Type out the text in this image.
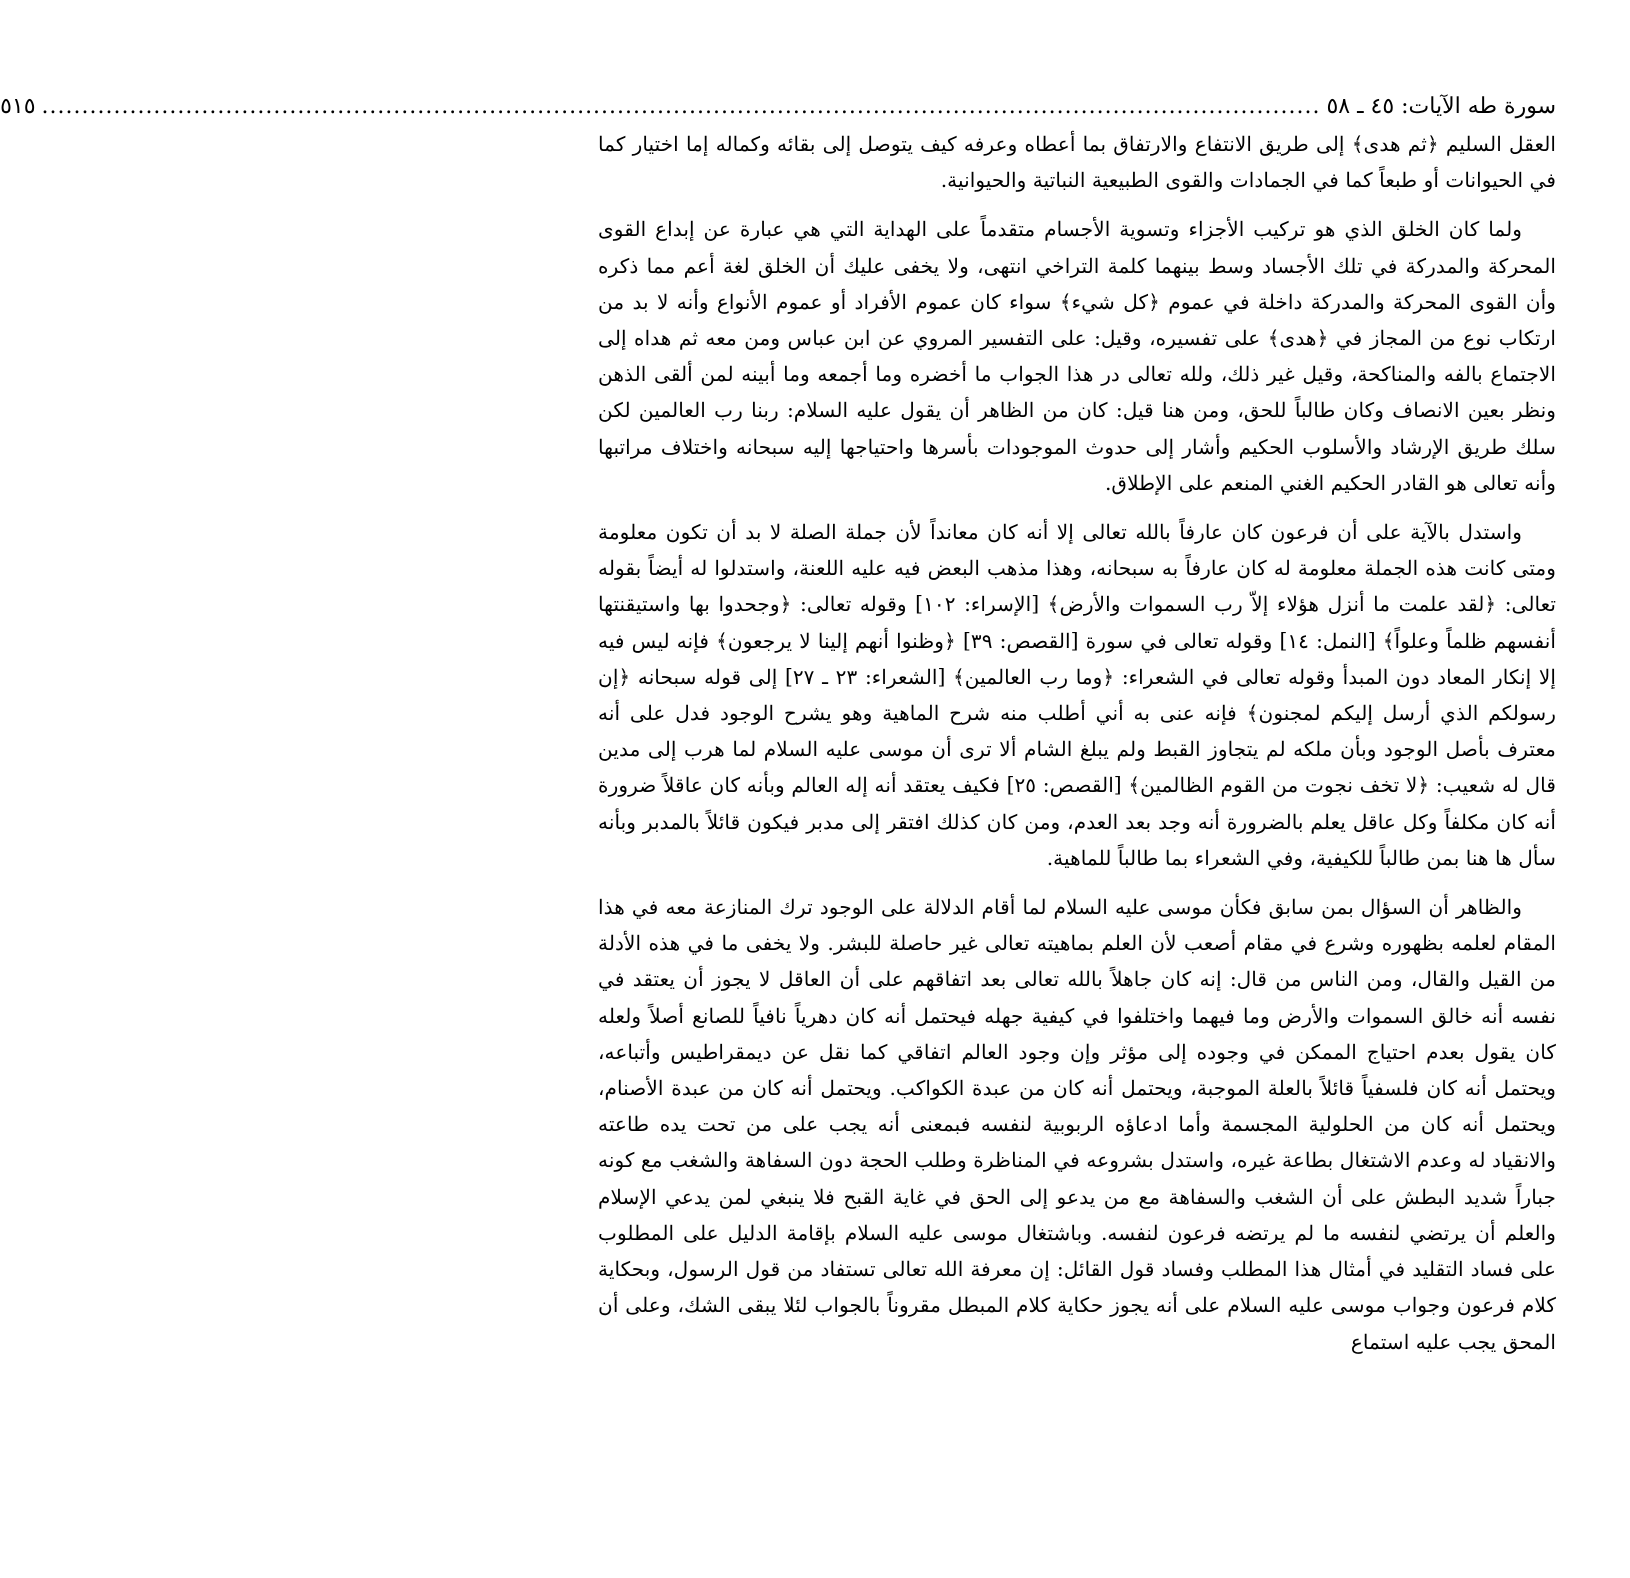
سورة طه الآيات: ٤٥ ـ ٥٨
................................................................................................................................................................
٥١٥

العقل السليم ﴿ثم هدى﴾ إلى طريق الانتفاع والارتفاق بما أعطاه وعرفه كيف يتوصل إلى بقائه وكماله إما اختيار كما في الحيوانات أو طبعاً كما في الجمادات والقوى الطبيعية النباتية والحيوانية.

ولما كان الخلق الذي هو تركيب الأجزاء وتسوية الأجسام متقدماً على الهداية التي هي عبارة عن إبداع القوى المحركة والمدركة في تلك الأجساد وسط بينهما كلمة التراخي انتهى، ولا يخفى عليك أن الخلق لغة أعم مما ذكره وأن القوى المحركة والمدركة داخلة في عموم ﴿كل شيء﴾ سواء كان عموم الأفراد أو عموم الأنواع وأنه لا بد من ارتكاب نوع من المجاز في ﴿هدى﴾ على تفسيره، وقيل: على التفسير المروي عن ابن عباس ومن معه ثم هداه إلى الاجتماع بالفه والمناكحة، وقيل غير ذلك، ولله تعالى در هذا الجواب ما أخضره وما أجمعه وما أبينه لمن ألقى الذهن ونظر بعين الانصاف وكان طالباً للحق، ومن هنا قيل: كان من الظاهر أن يقول عليه السلام: ربنا رب العالمين لكن سلك طريق الإرشاد والأسلوب الحكيم وأشار إلى حدوث الموجودات بأسرها واحتياجها إليه سبحانه واختلاف مراتبها وأنه تعالى هو القادر الحكيم الغني المنعم على الإطلاق.

واستدل بالآية على أن فرعون كان عارفاً بالله تعالى إلا أنه كان معانداً لأن جملة الصلة لا بد أن تكون معلومة ومتى كانت هذه الجملة معلومة له كان عارفاً به سبحانه، وهذا مذهب البعض فيه عليه اللعنة، واستدلوا له أيضاً بقوله تعالى: ﴿لقد علمت ما أنزل هؤلاء إلاّ رب السموات والأرض﴾ [الإسراء: ١٠٢] وقوله تعالى: ﴿وجحدوا بها واستيقنتها أنفسهم ظلماً وعلواً﴾ [النمل: ١٤] وقوله تعالى في سورة [القصص: ٣٩] ﴿وظنوا أنهم إلينا لا يرجعون﴾ فإنه ليس فيه إلا إنكار المعاد دون المبدأ وقوله تعالى في الشعراء: ﴿وما رب العالمين﴾ [الشعراء: ٢٣ ـ ٢٧] إلى قوله سبحانه ﴿إن رسولكم الذي أرسل إليكم لمجنون﴾ فإنه عنى به أني أطلب منه شرح الماهية وهو يشرح الوجود فدل على أنه معترف بأصل الوجود وبأن ملكه لم يتجاوز القبط ولم يبلغ الشام ألا ترى أن موسى عليه السلام لما هرب إلى مدين قال له شعيب: ﴿لا تخف نجوت من القوم الظالمين﴾ [القصص: ٢٥] فكيف يعتقد أنه إله العالم وبأنه كان عاقلاً ضرورة أنه كان مكلفاً وكل عاقل يعلم بالضرورة أنه وجد بعد العدم، ومن كان كذلك افتقر إلى مدبر فيكون قائلاً بالمدبر وبأنه سأل ها هنا بمن طالباً للكيفية، وفي الشعراء بما طالباً للماهية.

والظاهر أن السؤال بمن سابق فكأن موسى عليه السلام لما أقام الدلالة على الوجود ترك المنازعة معه في هذا المقام لعلمه بظهوره وشرع في مقام أصعب لأن العلم بماهيته تعالى غير حاصلة للبشر. ولا يخفى ما في هذه الأدلة من القيل والقال، ومن الناس من قال: إنه كان جاهلاً بالله تعالى بعد اتفاقهم على أن العاقل لا يجوز أن يعتقد في نفسه أنه خالق السموات والأرض وما فيهما واختلفوا في كيفية جهله فيحتمل أنه كان دهرياً نافياً للصانع أصلاً ولعله كان يقول بعدم احتياج الممكن في وجوده إلى مؤثر وإن وجود العالم اتفاقي كما نقل عن ديمقراطيس وأتباعه، ويحتمل أنه كان فلسفياً قائلاً بالعلة الموجبة، ويحتمل أنه كان من عبدة الكواكب. ويحتمل أنه كان من عبدة الأصنام، ويحتمل أنه كان من الحلولية المجسمة وأما ادعاؤه الربوبية لنفسه فبمعنى أنه يجب على من تحت يده طاعته والانقياد له وعدم الاشتغال بطاعة غيره، واستدل بشروعه في المناظرة وطلب الحجة دون السفاهة والشغب مع كونه جباراً شديد البطش على أن الشغب والسفاهة مع من يدعو إلى الحق في غاية القبح فلا ينبغي لمن يدعي الإسلام والعلم أن يرتضي لنفسه ما لم يرتضه فرعون لنفسه. وباشتغال موسى عليه السلام بإقامة الدليل على المطلوب على فساد التقليد في أمثال هذا المطلب وفساد قول القائل: إن معرفة الله تعالى تستفاد من قول الرسول، وبحكاية كلام فرعون وجواب موسى عليه السلام على أنه يجوز حكاية كلام المبطل مقروناً بالجواب لئلا يبقى الشك، وعلى أن المحق يجب عليه استماع
